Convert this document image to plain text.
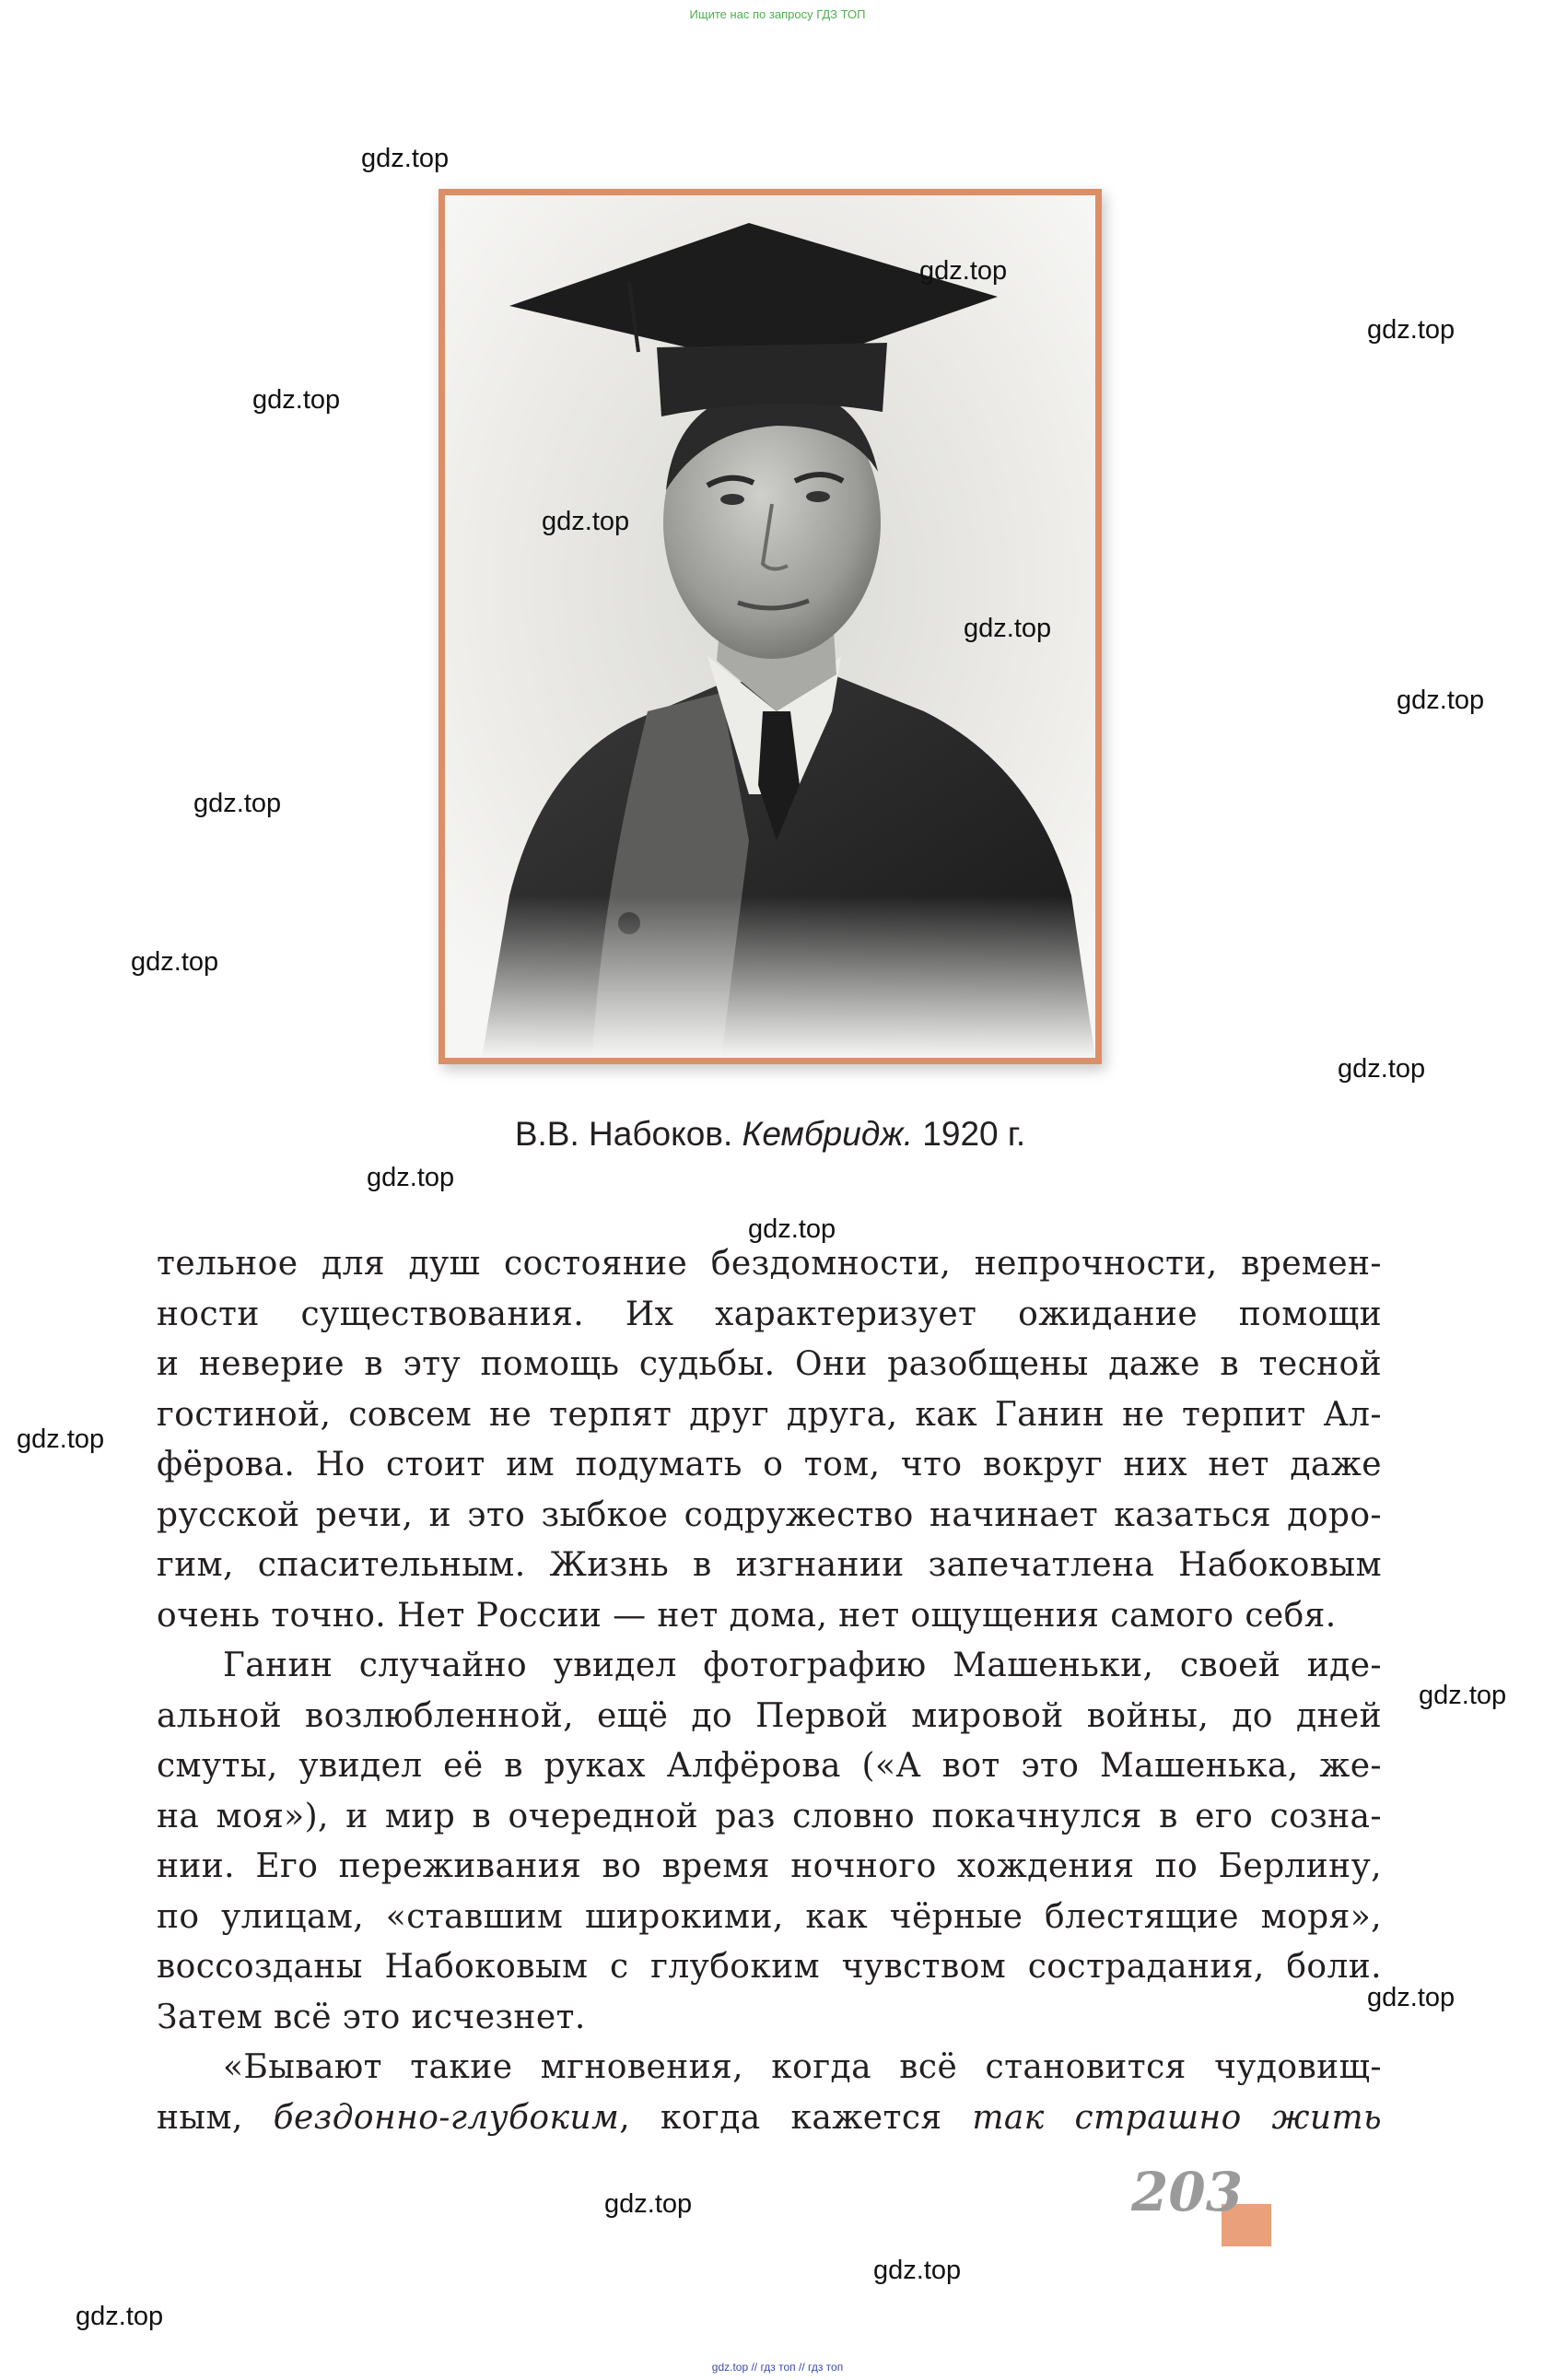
Ищите нас по запросу ГДЗ ТОП
gdz.top
gdz.top
gdz.top
gdz.top
gdz.top
gdz.top
gdz.top
gdz.top
gdz.top
gdz.top
gdz.top
gdz.top
gdz.top
gdz.top
gdz.top
gdz.top
gdz.top
gdz.top
В.В. Набоков. Кембридж. 1920 г.

тельное для душ состояние бездомности, непрочности, времен-

ности существования. Их характеризует ожидание помощи

и неверие в эту помощь судьбы. Они разобщены даже в тесной

гостиной, совсем не терпят друг друга, как Ганин не терпит Ал-

фёрова. Но стоит им подумать о том, что вокруг них нет даже

русской речи, и это зыбкое содружество начинает казаться доро-

гим, спасительным. Жизнь в изгнании запечатлена Набоковым

очень точно. Нет России — нет дома, нет ощущения самого себя.

Ганин случайно увидел фотографию Машеньки, своей иде-

альной возлюбленной, ещё до Первой мировой войны, до дней

смуты, увидел её в руках Алфёрова («А вот это Машенька, же-

на моя»), и мир в очередной раз словно покачнулся в его созна-

нии. Его переживания во время ночного хождения по Берлину,

по улицам, «ставшим широкими, как чёрные блестящие моря»,

воссозданы Набоковым с глубоким чувством сострадания, боли.

Затем всё это исчезнет.

«Бывают такие мгновения, когда всё становится чудовищ-

ным, бездонно-глубоким, когда кажется так страшно жить

203
gdz.top // гдз топ // гдз топ
